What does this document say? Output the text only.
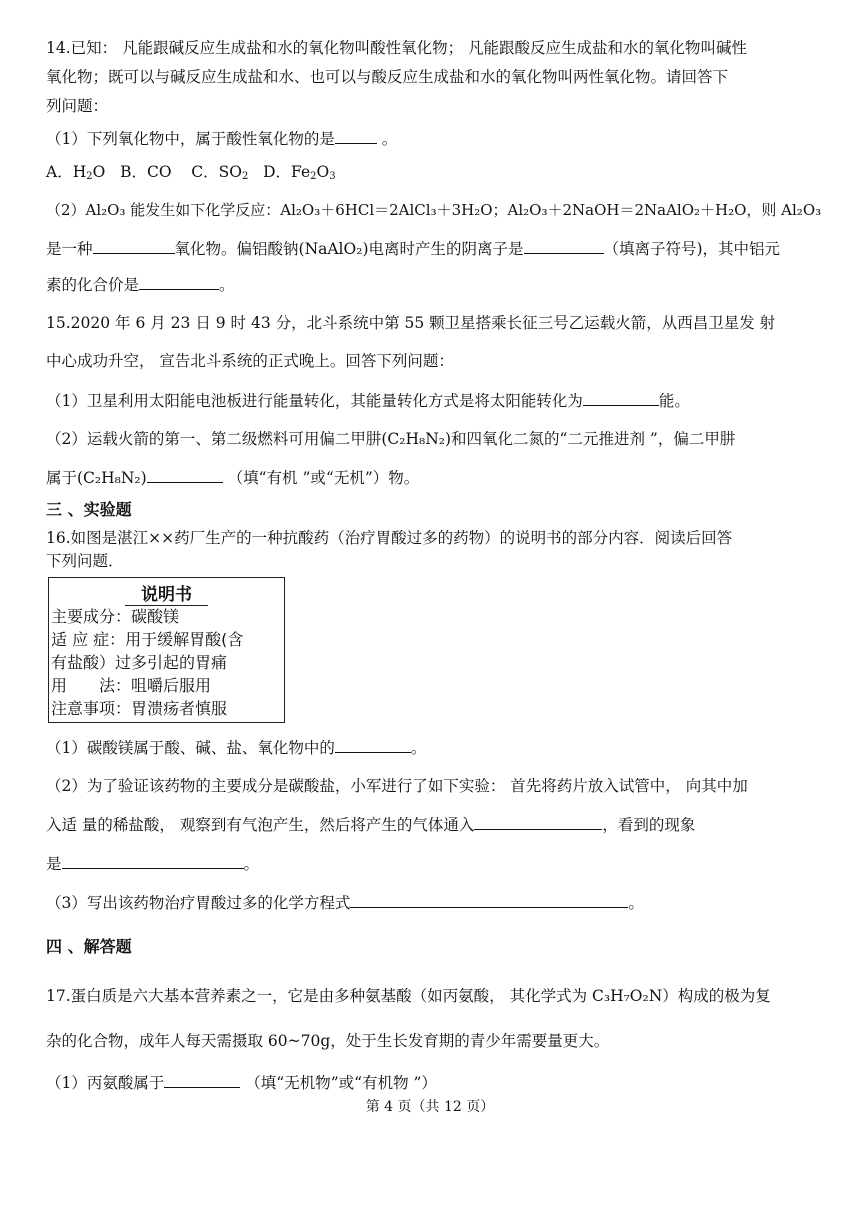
14.已知： 凡能跟碱反应生成盐和水的氧化物叫酸性氧化物； 凡能跟酸反应生成盐和水的氧化物叫碱性
氧化物；既可以与碱反应生成盐和水、也可以与酸反应生成盐和水的氧化物叫两性氧化物。请回答下
列问题：
（1）下列氧化物中，属于酸性氧化物的是	。
A．$H_2O$ B．CO C．$SO_2$ D．$Fe_2O_3$
（2）Al₂O₃ 能发生如下化学反应：Al₂O₃＋6HCl＝2AlCl₃＋3H₂O；Al₂O₃＋2NaOH＝2NaAlO₂＋H₂O，则 Al₂O₃
是一种	氧化物。偏铝酸钠(NaAlO₂)电离时产生的阴离子是	（填离子符号)，其中铝元
素的化合价是	。
15.2020 年 6 月 23 日 9 时 43 分，北斗系统中第 55 颗卫星搭乘长征三号乙运载火箭，从西昌卫星发 射
中心成功升空， 宣告北斗系统的正式晚上。回答下列问题：
（1）卫星利用太阳能电池板进行能量转化，其能量转化方式是将太阳能转化为	能。
（2）运载火箭的第一、第二级燃料可用偏二甲肼(C₂H₈N₂)和四氧化二氮的“二元推进剂 ”，偏二甲肼
属于(C₂H₈N₂)	（填“有机 ”或“无机”）物。
三 、实验题
16.如图是湛江××药厂生产的一种抗酸药（治疗胃酸过多的药物）的说明书的部分内容．阅读后回答
下列问题．
说明书
主要成分：碳酸镁
适 应 症：用于缓解胃酸(含
有盐酸）过多引起的胃痛
用　　法：咀嚼后服用
注意事项：胃溃疡者慎服
（1）碳酸镁属于酸、碱、盐、氧化物中的	。
（2）为了验证该药物的主要成分是碳酸盐，小军进行了如下实验： 首先将药片放入试管中， 向其中加
入适 量的稀盐酸， 观察到有气泡产生，然后将产生的气体通入	，看到的现象
是	。
（3）写出该药物治疗胃酸过多的化学方程式	。
四 、解答题
17.蛋白质是六大基本营养素之一，它是由多种氨基酸（如丙氨酸， 其化学式为 C₃H₇O₂N）构成的极为复
杂的化合物，成年人每天需摄取 60~70g，处于生长发育期的青少年需要量更大。
（1）丙氨酸属于	（填“无机物”或“有机物 ”）
第 4 页（共 12 页）
